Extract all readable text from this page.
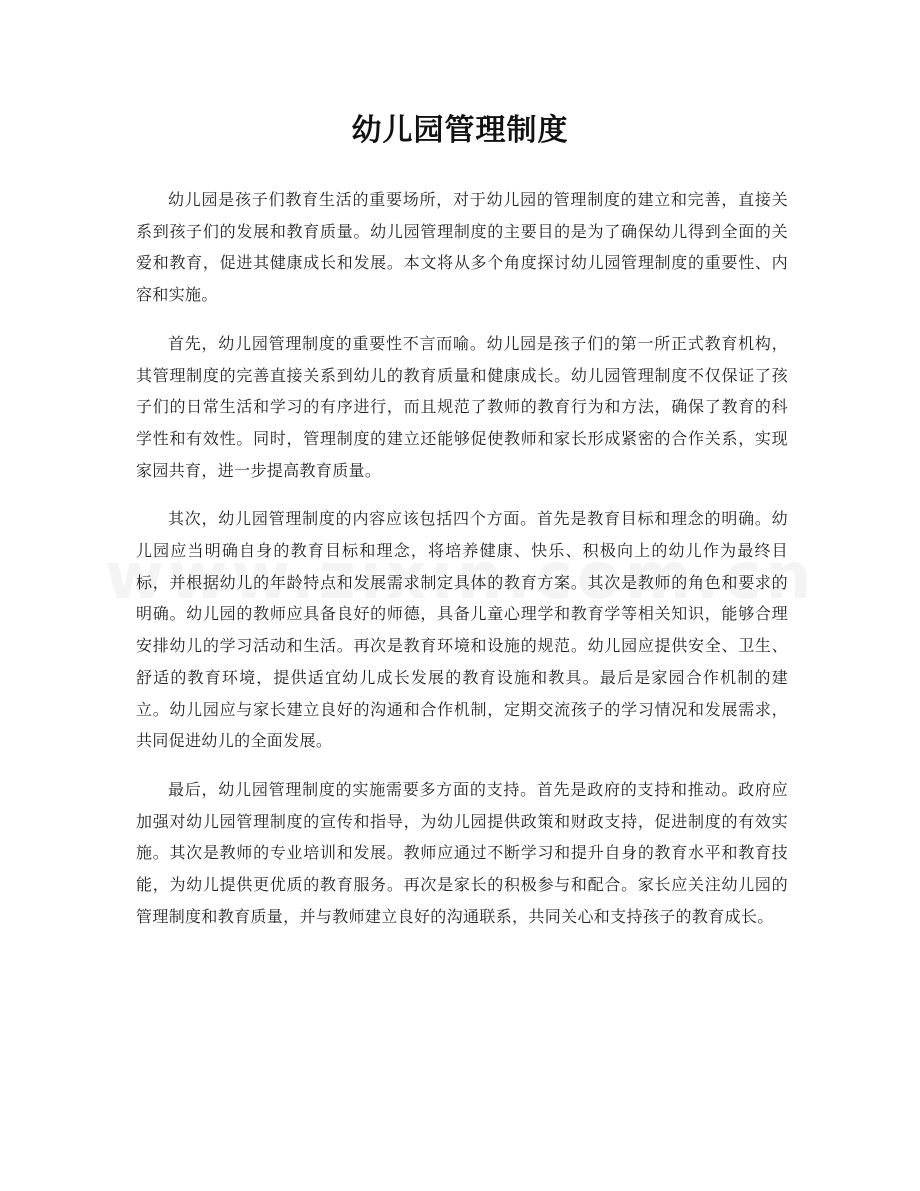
幼儿园管理制度

幼儿园是孩子们教育生活的重要场所，对于幼儿园的管理制度的建立和完善，直接关系到孩子们的发展和教育质量。幼儿园管理制度的主要目的是为了确保幼儿得到全面的关爱和教育，促进其健康成长和发展。本文将从多个角度探讨幼儿园管理制度的重要性、内容和实施。

首先，幼儿园管理制度的重要性不言而喻。幼儿园是孩子们的第一所正式教育机构，其管理制度的完善直接关系到幼儿的教育质量和健康成长。幼儿园管理制度不仅保证了孩子们的日常生活和学习的有序进行，而且规范了教师的教育行为和方法，确保了教育的科学性和有效性。同时，管理制度的建立还能够促使教师和家长形成紧密的合作关系，实现家园共育，进一步提高教育质量。

其次，幼儿园管理制度的内容应该包括四个方面。首先是教育目标和理念的明确。幼儿园应当明确自身的教育目标和理念，将培养健康、快乐、积极向上的幼儿作为最终目标，并根据幼儿的年龄特点和发展需求制定具体的教育方案。其次是教师的角色和要求的明确。幼儿园的教师应具备良好的师德，具备儿童心理学和教育学等相关知识，能够合理安排幼儿的学习活动和生活。再次是教育环境和设施的规范。幼儿园应提供安全、卫生、舒适的教育环境，提供适宜幼儿成长发展的教育设施和教具。最后是家园合作机制的建立。幼儿园应与家长建立良好的沟通和合作机制，定期交流孩子的学习情况和发展需求，共同促进幼儿的全面发展。

最后，幼儿园管理制度的实施需要多方面的支持。首先是政府的支持和推动。政府应加强对幼儿园管理制度的宣传和指导，为幼儿园提供政策和财政支持，促进制度的有效实施。其次是教师的专业培训和发展。教师应通过不断学习和提升自身的教育水平和教育技能，为幼儿提供更优质的教育服务。再次是家长的积极参与和配合。家长应关注幼儿园的管理制度和教育质量，并与教师建立良好的沟通联系，共同关心和支持孩子的教育成长。
